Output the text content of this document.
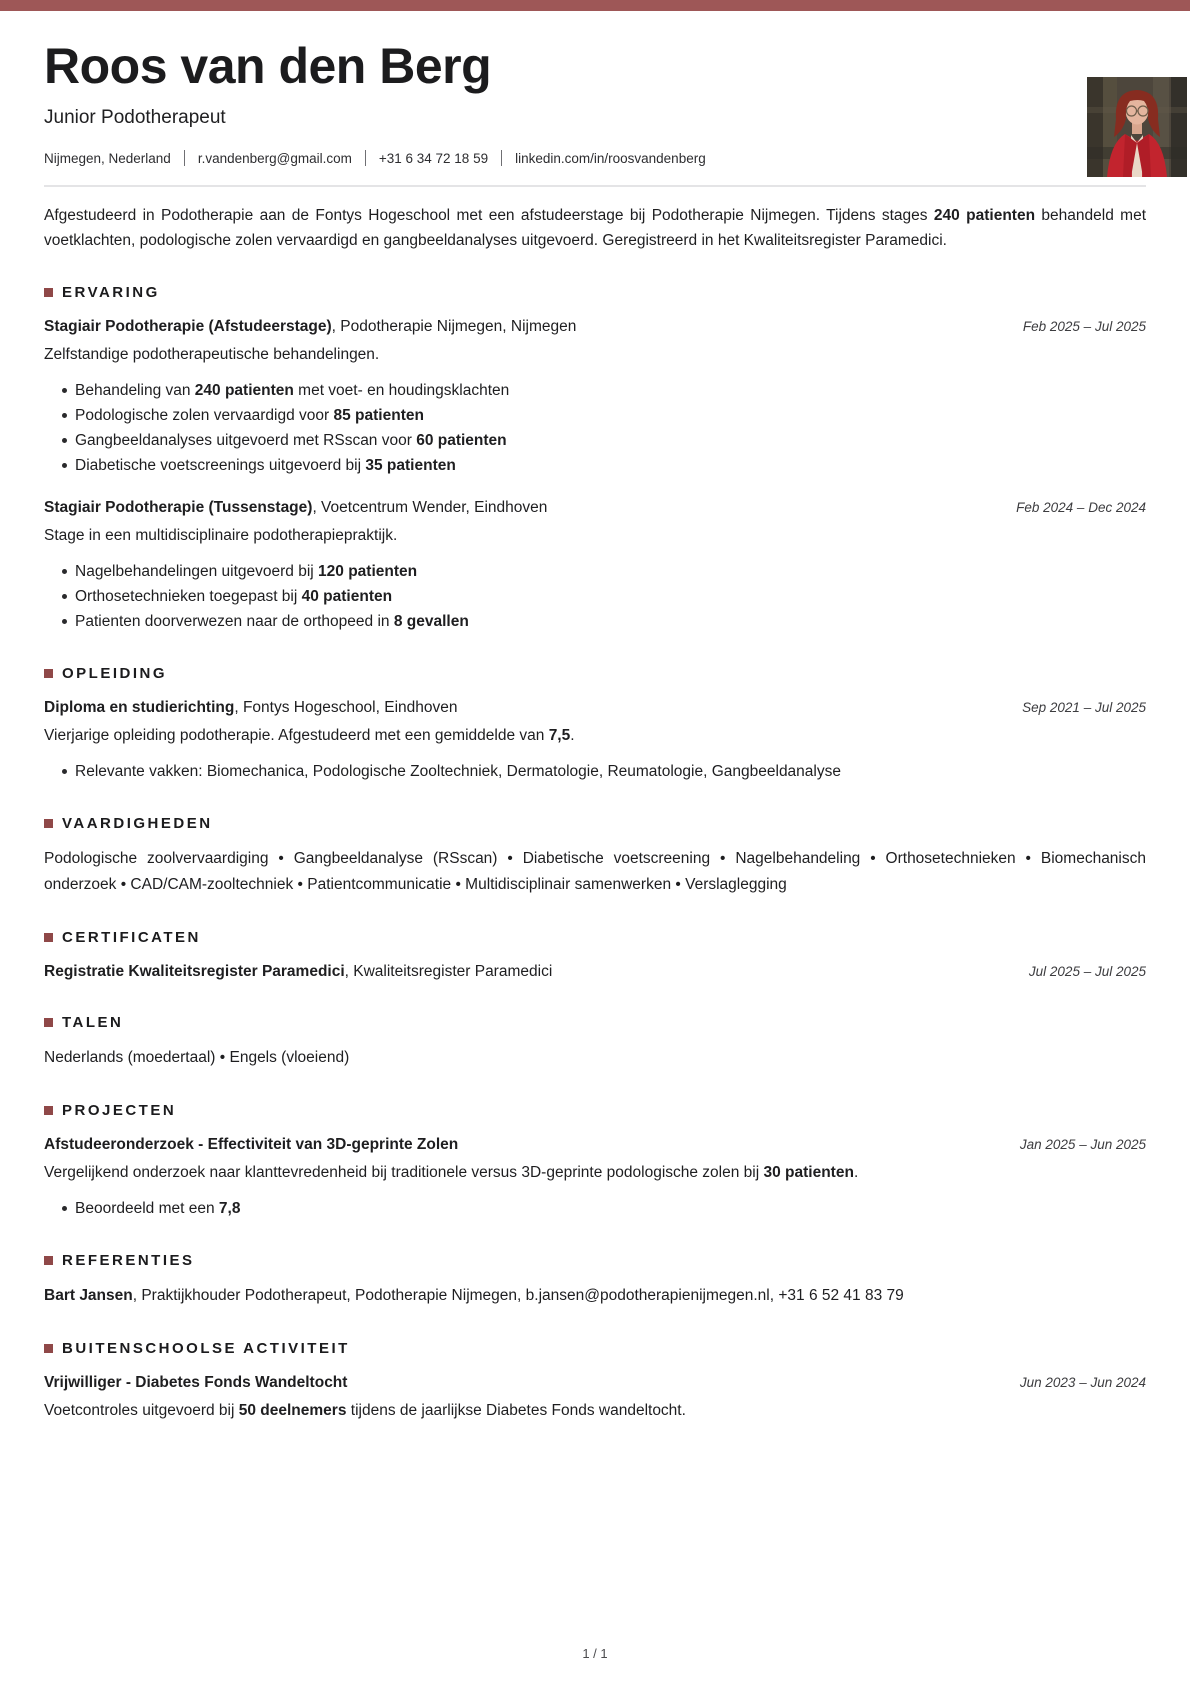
Roos van den Berg
Junior Podotherapeut
Nijmegen, Nederland r.vandenberg@gmail.com +31 6 34 72 18 59 linkedin.com/in/roosvandenberg

Afgestudeerd in Podotherapie aan de Fontys Hogeschool met een afstudeerstage bij Podotherapie Nijmegen. Tijdens stages 240 patienten behandeld met voetklachten, podologische zolen vervaardigd en gangbeeldanalyses uitgevoerd. Geregistreerd in het Kwaliteitsregister Paramedici.

ERVARING
Stagiair Podotherapie (Afstudeerstage), Podotherapie Nijmegen, Nijmegen	Feb 2025 – Jul 2025
Zelfstandige podotherapeutische behandelingen.
Behandeling van 240 patienten met voet- en houdingsklachten
Podologische zolen vervaardigd voor 85 patienten
Gangbeeldanalyses uitgevoerd met RSscan voor 60 patienten
Diabetische voetscreenings uitgevoerd bij 35 patienten
Stagiair Podotherapie (Tussenstage), Voetcentrum Wender, Eindhoven	Feb 2024 – Dec 2024
Stage in een multidisciplinaire podotherapiepraktijk.
Nagelbehandelingen uitgevoerd bij 120 patienten
Orthosetechnieken toegepast bij 40 patienten
Patienten doorverwezen naar de orthopeed in 8 gevallen
OPLEIDING
Diploma en studierichting, Fontys Hogeschool, Eindhoven	Sep 2021 – Jul 2025
Vierjarige opleiding podotherapie. Afgestudeerd met een gemiddelde van 7,5.
Relevante vakken: Biomechanica, Podologische Zooltechniek, Dermatologie, Reumatologie, Gangbeeldanalyse
VAARDIGHEDEN

Podologische zoolvervaardiging • Gangbeeldanalyse (RSscan) • Diabetische voetscreening • Nagelbehandeling • Orthosetechnieken • Biomechanisch onderzoek • CAD/CAM-zooltechniek • Patientcommunicatie • Multidisciplinair samenwerken • Verslaglegging

CERTIFICATEN
Registratie Kwaliteitsregister Paramedici, Kwaliteitsregister Paramedici	Jul 2025 – Jul 2025
TALEN

Nederlands (moedertaal) • Engels (vloeiend)

PROJECTEN
Afstudeeronderzoek - Effectiviteit van 3D-geprinte Zolen	Jan 2025 – Jun 2025
Vergelijkend onderzoek naar klanttevredenheid bij traditionele versus 3D-geprinte podologische zolen bij 30 patienten.
Beoordeeld met een 7,8
REFERENTIES

Bart Jansen, Praktijkhouder Podotherapeut, Podotherapie Nijmegen, b.jansen@podotherapienijmegen.nl, +31 6 52 41 83 79

BUITENSCHOOLSE ACTIVITEIT
Vrijwilliger - Diabetes Fonds Wandeltocht	Jun 2023 – Jun 2024
Voetcontroles uitgevoerd bij 50 deelnemers tijdens de jaarlijkse Diabetes Fonds wandeltocht.
1 / 1
